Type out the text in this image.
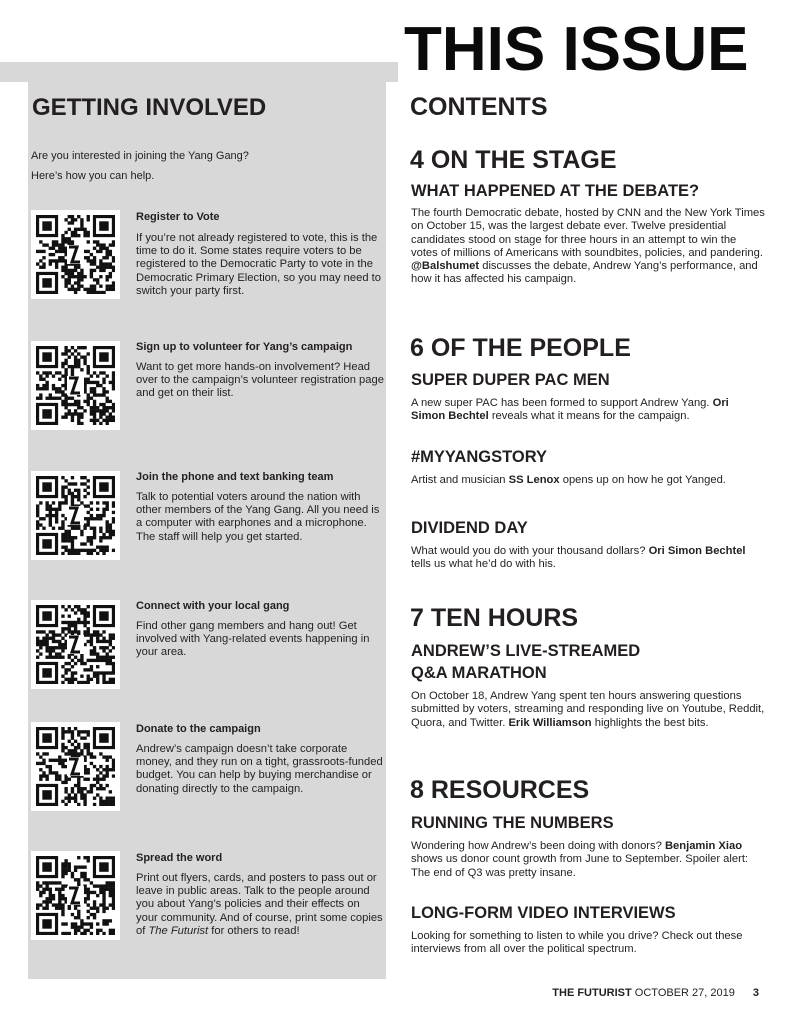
THIS ISSUE
GETTING INVOLVED
Are you interested in joining the Yang Gang?
Here’s how you can help.
Register to Vote
If you’re not already registered to vote, this is the time to do it. Some states require voters to be registered to the Democratic Party to vote in the Democratic Primary Election, so you may need to switch your party first.
Sign up to volunteer for Yang’s campaign
Want to get more hands-on involvement? Head over to the campaign’s volunteer registration page and get on their list.
Join the phone and text banking team
Talk to potential voters around the nation with other members of the Yang Gang. All you need is a computer with earphones and a microphone. The staff will help you get started.
Connect with your local gang
Find other gang members and hang out! Get involved with Yang-related events happening in your area.
Donate to the campaign
Andrew’s campaign doesn’t take corporate money, and they run on a tight, grassroots-funded budget. You can help by buying merchandise or donating directly to the campaign.
Spread the word
Print out flyers, cards, and posters to pass out or leave in public areas. Talk to the people around you about Yang’s policies and their effects on your community. And of course, print some copies of The Futurist for others to read!
CONTENTS
4 ON THE STAGE
WHAT HAPPENED AT THE DEBATE?
The fourth Democratic debate, hosted by CNN and the New York Times on October 15, was the largest debate ever. Twelve presidential candidates stood on stage for three hours in an attempt to win the votes of millions of Americans with soundbites, policies, and pandering. @Balshumet discusses the debate, Andrew Yang’s performance, and how it has affected his campaign.
6 OF THE PEOPLE
SUPER DUPER PAC MEN
A new super PAC has been formed to support Andrew Yang. Ori Simon Bechtel reveals what it means for the campaign.
#MYYANGSTORY
Artist and musician SS Lenox opens up on how he got Yanged.
DIVIDEND DAY
What would you do with your thousand dollars? Ori Simon Bechtel tells us what he’d do with his.
7 TEN HOURS
ANDREW’S LIVE-STREAMED
Q&A MARATHON
On October 18, Andrew Yang spent ten hours answering questions submitted by voters, streaming and responding live on Youtube, Reddit, Quora, and Twitter. Erik Williamson highlights the best bits.
8 RESOURCES
RUNNING THE NUMBERS
Wondering how Andrew’s been doing with donors? Benjamin Xiao shows us donor count growth from June to September. Spoiler alert: The end of Q3 was pretty insane.
LONG-FORM VIDEO INTERVIEWS
Looking for something to listen to while you drive? Check out these interviews from all over the political spectrum.
THE FUTURIST OCTOBER 27, 2019 3
